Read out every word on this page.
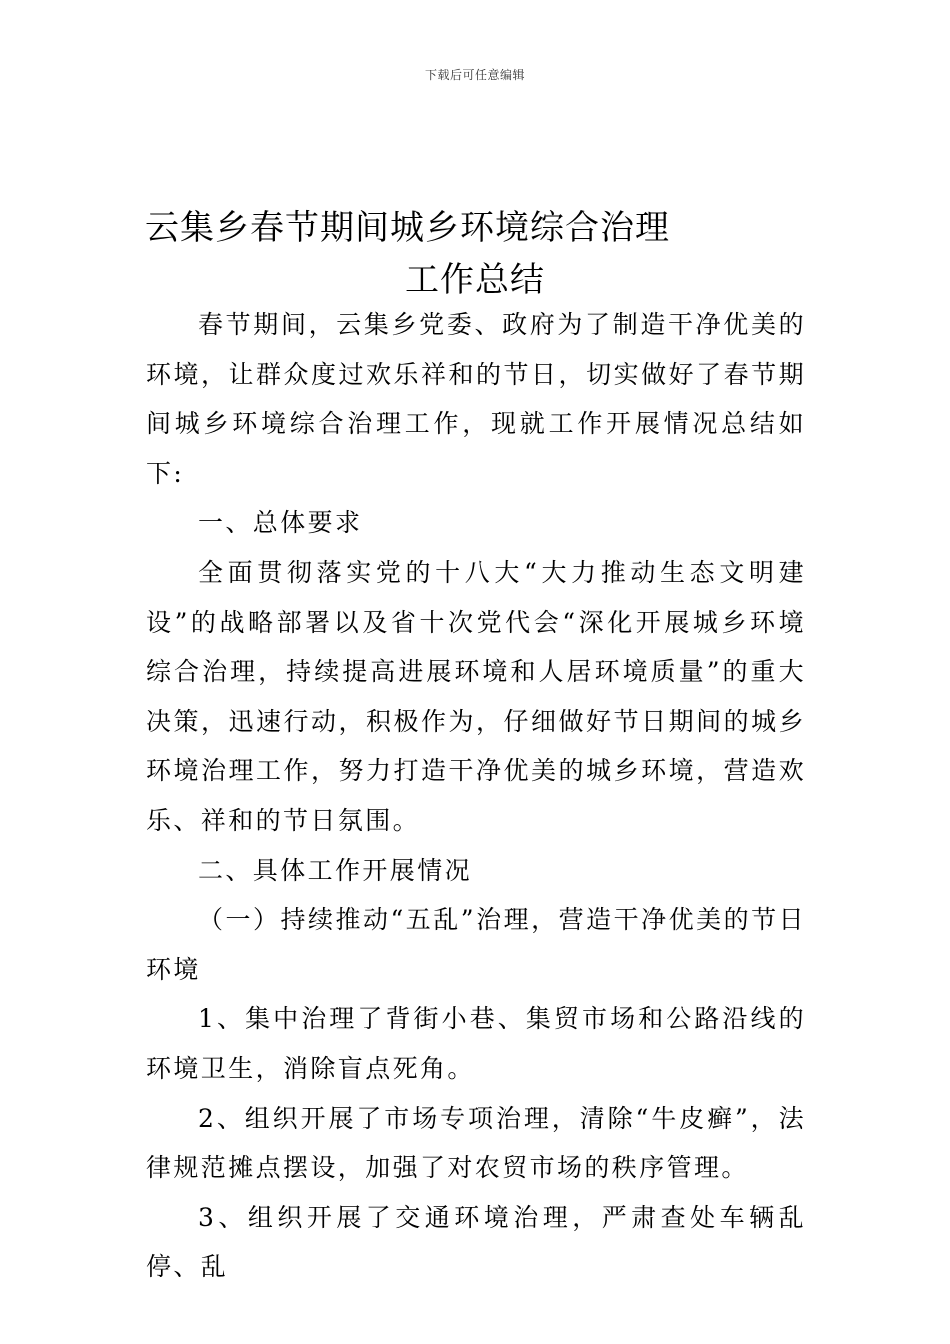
下载后可任意编辑
云集乡春节期间城乡环境综合治理
工作总结

春节期间，云集乡党委、政府为了制造干净优美的环境，让群众度过欢乐祥和的节日，切实做好了春节期间城乡环境综合治理工作，现就工作开展情况总结如下:

一、总体要求

全面贯彻落实党的十八大“大力推动生态文明建设”的战略部署以及省十次党代会“深化开展城乡环境综合治理，持续提高进展环境和人居环境质量”的重大决策，迅速行动，积极作为，仔细做好节日期间的城乡环境治理工作，努力打造干净优美的城乡环境，营造欢乐、祥和的节日氛围。

二、具体工作开展情况

（一）持续推动“五乱”治理，营造干净优美的节日环境

1、集中治理了背街小巷、集贸市场和公路沿线的环境卫生，消除盲点死角。

2、组织开展了市场专项治理，清除“牛皮癣”，法律规范摊点摆设，加强了对农贸市场的秩序管理。

3、组织开展了交通环境治理，严肃查处车辆乱停、乱
